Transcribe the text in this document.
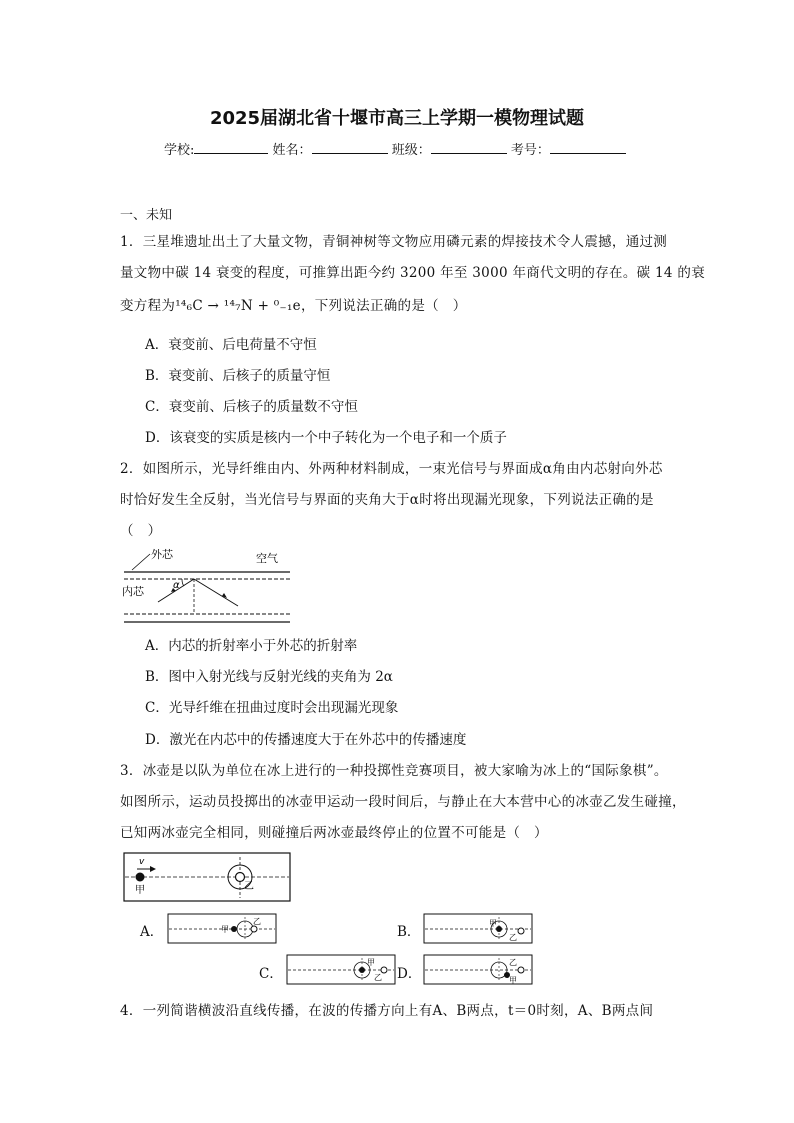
2025届湖北省十堰市高三上学期一模物理试题
学校:	姓名：	班级：	考号：
一、未知
1．三星堆遗址出土了大量文物，青铜神树等文物应用磷元素的焊接技术令人震撼，通过测
量文物中碳 14 衰变的程度，可推算出距今约 3200 年至 3000 年商代文明的存在。碳 14 的衰
变方程为¹⁴₆C → ¹⁴₇N + ⁰₋₁e，下列说法正确的是（　）
A．衰变前、后电荷量不守恒
B．衰变前、后核子的质量守恒
C．衰变前、后核子的质量数不守恒
D．该衰变的实质是核内一个中子转化为一个电子和一个质子
2．如图所示，光导纤维由内、外两种材料制成，一束光信号与界面成α角由内芯射向外芯
时恰好发生全反射，当光信号与界面的夹角大于α时将出现漏光现象，下列说法正确的是
（　）
外芯	空气
内芯	α
A．内芯的折射率小于外芯的折射率
B．图中入射光线与反射光线的夹角为 2α
C．光导纤维在扭曲过度时会出现漏光现象
D．激光在内芯中的传播速度大于在外芯中的传播速度
3．冰壶是以队为单位在冰上进行的一种投掷性竞赛项目，被大家喻为冰上的“国际象棋”。
如图所示，运动员投掷出的冰壶甲运动一段时间后，与静止在大本营中心的冰壶乙发生碰撞，
已知两冰壶完全相同，则碰撞后两冰壶最终停止的位置不可能是（　）
v
甲	乙
A．	甲
乙
B．
甲
乙
C．
甲
乙 D．	甲
乙
4．一列简谐横波沿直线传播，在波的传播方向上有A、B两点，t＝0时刻，A、B两点间
